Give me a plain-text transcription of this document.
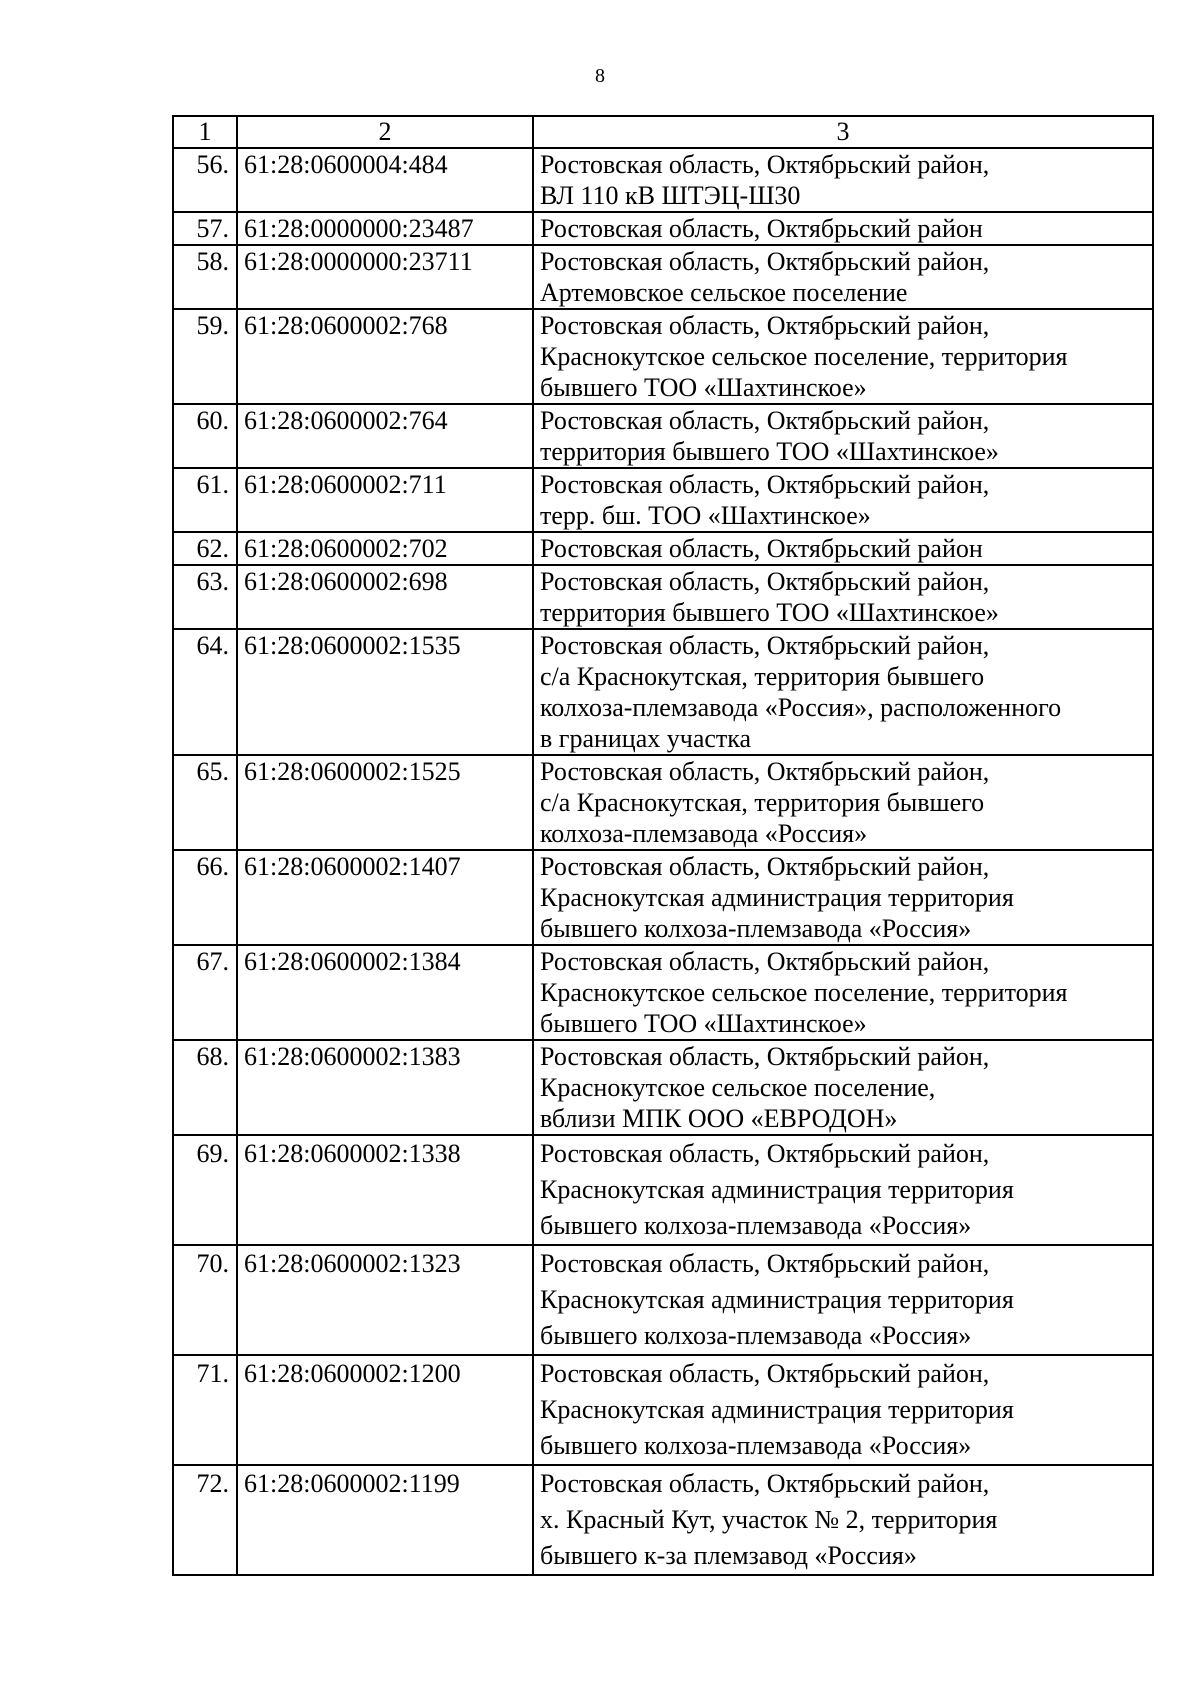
8
1	2	3
56.	61:28:0600004:484	Ростовская область, Октябрьский район,
ВЛ 110 кВ ШТЭЦ-Ш30

57.	61:28:0000000:23487	Ростовская область, Октябрьский район

58.	61:28:0000000:23711	Ростовская область, Октябрьский район,
Артемовское сельское поселение

59.	61:28:0600002:768	Ростовская область, Октябрьский район,
Краснокутское сельское поселение, территория
бывшего ТОО «Шахтинское»

60.	61:28:0600002:764	Ростовская область, Октябрьский район,
территория бывшего ТОО «Шахтинское»

61.	61:28:0600002:711	Ростовская область, Октябрьский район,
терр. бш. ТОО «Шахтинское»

62.	61:28:0600002:702	Ростовская область, Октябрьский район

63.	61:28:0600002:698	Ростовская область, Октябрьский район,
территория бывшего ТОО «Шахтинское»

64.	61:28:0600002:1535	Ростовская область, Октябрьский район,
с/а Краснокутская, территория бывшего
колхоза-племзавода «Россия», расположенного
в границах участка

65.	61:28:0600002:1525	Ростовская область, Октябрьский район,
с/а Краснокутская, территория бывшего
колхоза-племзавода «Россия»

66.	61:28:0600002:1407	Ростовская область, Октябрьский район,
Краснокутская администрация территория
бывшего колхоза-племзавода «Россия»

67.	61:28:0600002:1384	Ростовская область, Октябрьский район,
Краснокутское сельское поселение, территория
бывшего ТОО «Шахтинское»

68.	61:28:0600002:1383	Ростовская область, Октябрьский район,
Краснокутское сельское поселение,
вблизи МПК ООО «ЕВРОДОН»

69.	61:28:0600002:1338	Ростовская область, Октябрьский район,
Краснокутская администрация территория
бывшего колхоза-племзавода «Россия»

70.	61:28:0600002:1323	Ростовская область, Октябрьский район,
Краснокутская администрация территория
бывшего колхоза-племзавода «Россия»

71.	61:28:0600002:1200	Ростовская область, Октябрьский район,
Краснокутская администрация территория
бывшего колхоза-племзавода «Россия»

72.	61:28:0600002:1199	Ростовская область, Октябрьский район,
х. Красный Кут, участок № 2, территория
бывшего к-за племзавод «Россия»
